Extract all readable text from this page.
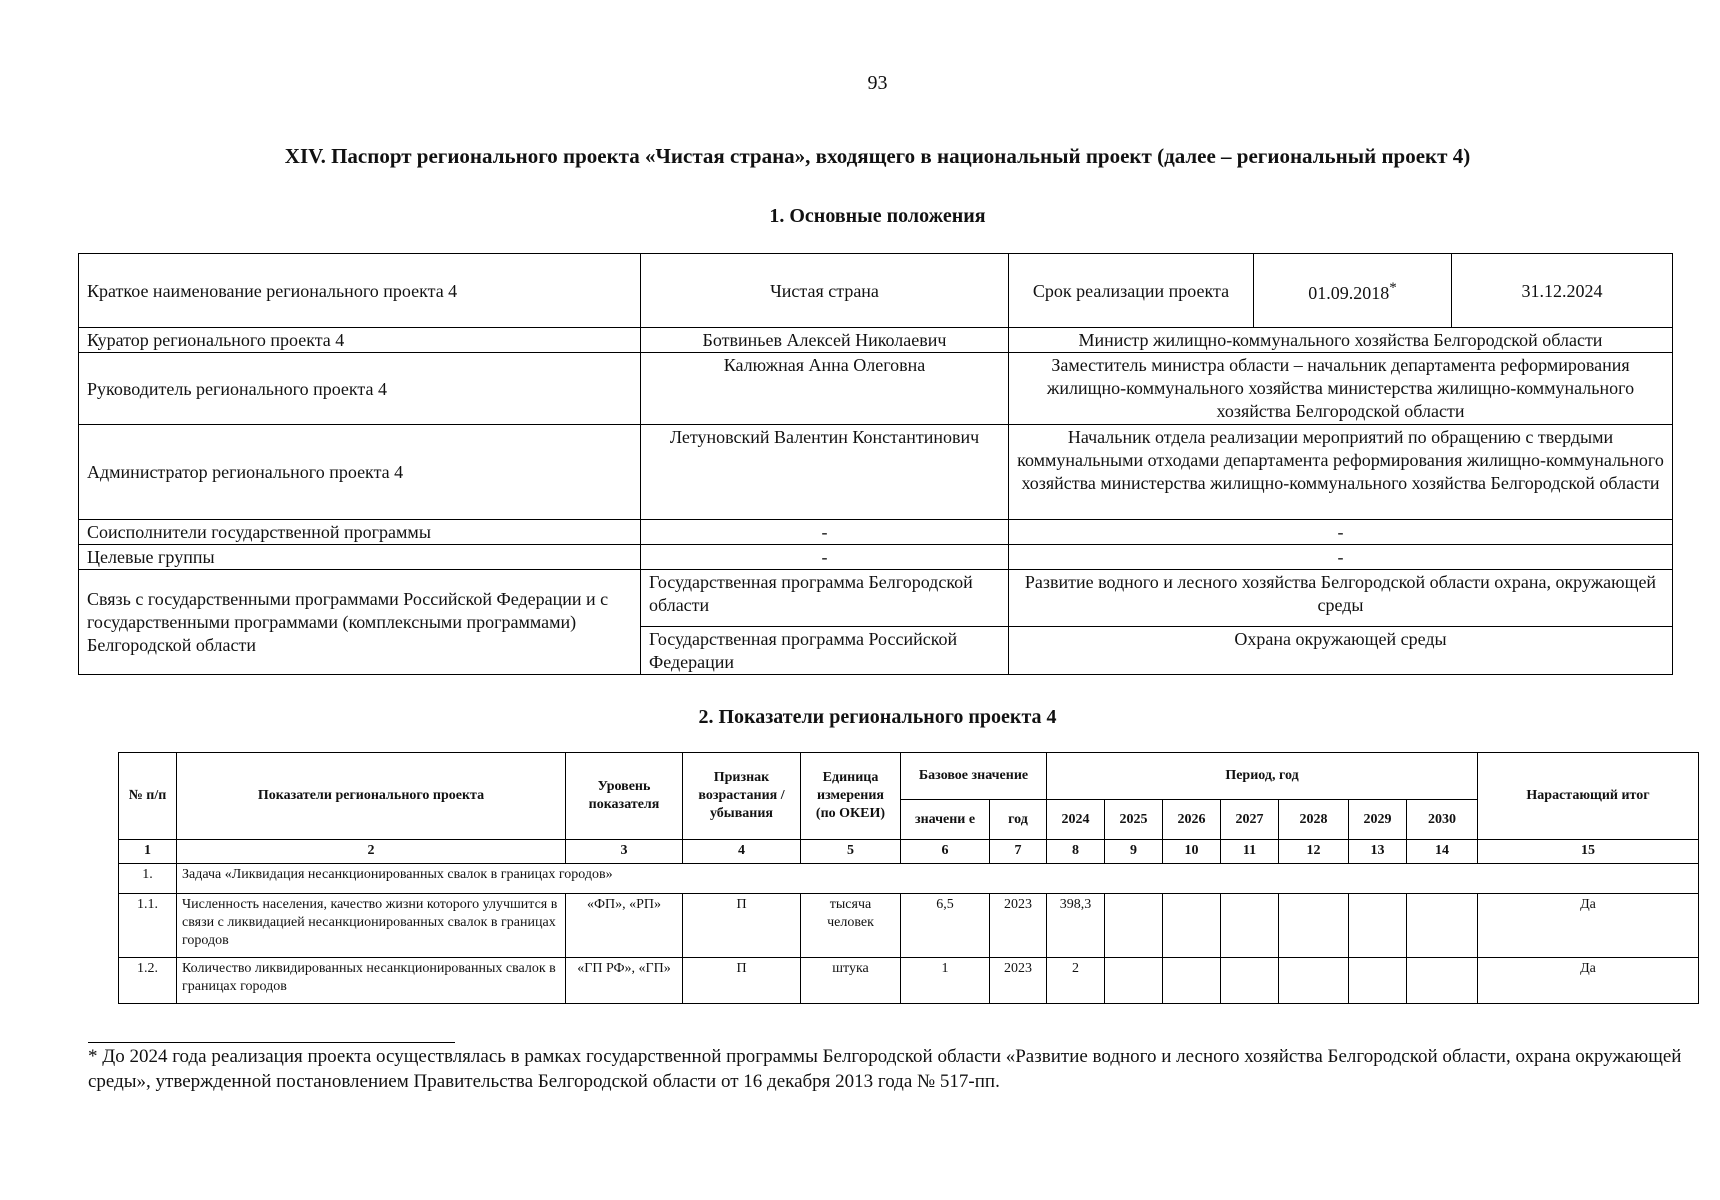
93
XIV. Паспорт регионального проекта «Чистая страна», входящего в национальный проект (далее – региональный проект 4)
1. Основные положения
Краткое наименование регионального проекта 4	Чистая страна	Срок реализации проекта	01.09.2018*	31.12.2024
Куратор регионального проекта 4	Ботвиньев Алексей Николаевич	Министр жилищно-коммунального хозяйства Белгородской области		
Руководитель регионального проекта 4	Калюжная Анна Олеговна	Заместитель министра области – начальник департамента реформирования жилищно-коммунального хозяйства министерства жилищно-коммунального хозяйства Белгородской области		
Администратор регионального проекта 4	Летуновский Валентин Константинович	Начальник отдела реализации мероприятий по обращению с твердыми коммунальными отходами департамента реформирования жилищно-коммунального хозяйства министерства жилищно-коммунального хозяйства Белгородской области		
Соисполнители государственной программы	-	-		
Целевые группы	-	-		
Связь с государственными программами Российской Федерации и с государственными программами (комплексными программами) Белгородской области	Государственная программа Белгородской области	Развитие водного и лесного хозяйства Белгородской области охрана, окружающей среды		
	Государственная программа Российской Федерации	Охрана окружающей среды		
2. Показатели регионального проекта 4
№ п/п	Показатели регионального проекта	Уровень показателя	Признак возрастания / убывания	Единица измерения (по ОКЕИ)	Базовое значение		Период, год							Нарастающий итог
					значени е	год	2024	2025	2026	2027	2028	2029	2030	
1	2	3	4	5	6	7	8	9	10	11	12	13	14	15
1.	Задача «Ликвидация несанкционированных свалок в границах городов»													
1.1.	Численность населения, качество жизни которого улучшится в связи с ликвидацией несанкционированных свалок в границах городов	«ФП», «РП»	П	тысяча человек	6,5	2023	398,3							Да
1.2.	Количество ликвидированных несанкционированных свалок в границах городов	«ГП РФ», «ГП»	П	штука	1	2023	2							Да
* До 2024 года реализация проекта осуществлялась в рамках государственной программы Белгородской области «Развитие водного и лесного хозяйства Белгородской области, охрана окружающей среды», утвержденной постановлением Правительства Белгородской области от 16 декабря 2013 года № 517-пп.
